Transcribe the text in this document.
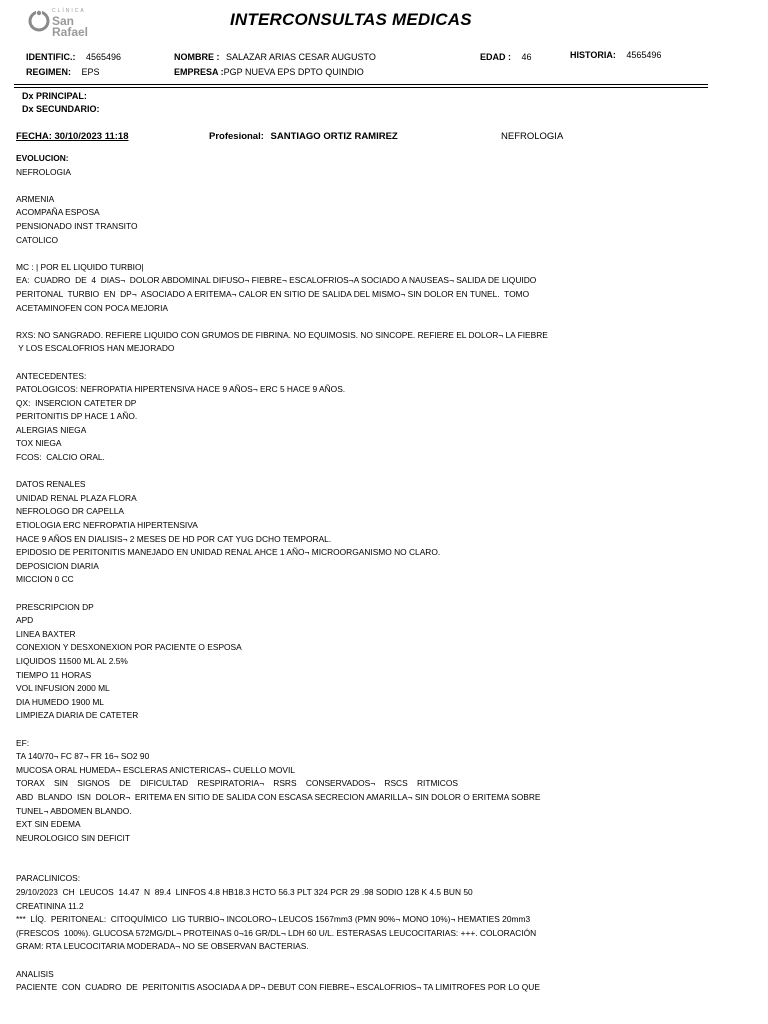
CLÍNICA
San
Rafael
INTERCONSULTAS MEDICAS
IDENTIFIC.: 4565496
REGIMEN: EPS
NOMBRE : SALAZAR ARIAS CESAR AUGUSTO
EMPRESA :PGP NUEVA EPS DPTO QUINDIO
EDAD : 46	HISTORIA: 4565496
Dx PRINCIPAL:
Dx SECUNDARIO:
FECHA: 30/10/2023 11:18	Profesional: SANTIAGO ORTIZ RAMIREZ	NEFROLOGIA
EVOLUCION:
NEFROLOGIA
ARMENIA
ACOMPAÑA ESPOSA
PENSIONADO INST TRANSITO
CATOLICO
MC : | POR EL LIQUIDO TURBIO|
EA:  CUADRO  DE  4  DIAS¬  DOLOR ABDOMINAL DIFUSO¬ FIEBRE¬ ESCALOFRIOS¬A SOCIADO A NAUSEAS¬ SALIDA DE LIQUIDO
PERITONAL  TURBIO  EN  DP¬  ASOCIADO A ERITEMA¬ CALOR EN SITIO DE SALIDA DEL MISMO¬ SIN DOLOR EN TUNEL.  TOMO
ACETAMINOFEN CON POCA MEJORIA
RXS: NO SANGRADO. REFIERE LIQUIDO CON GRUMOS DE FIBRINA. NO EQUIMOSIS. NO SINCOPE. REFIERE EL DOLOR¬ LA FIEBRE
Y LOS ESCALOFRIOS HAN MEJORADO
ANTECEDENTES:
PATOLOGICOS: NEFROPATIA HIPERTENSIVA HACE 9 AÑOS¬ ERC 5 HACE 9 AÑOS.
QX:  INSERCION CATETER DP
PERITONITIS DP HACE 1 AÑO.
ALERGIAS NIEGA
TOX NIEGA
FCOS:  CALCIO ORAL.
DATOS RENALES
UNIDAD RENAL PLAZA FLORA
NEFROLOGO DR CAPELLA
ETIOLOGIA ERC NEFROPATIA HIPERTENSIVA
HACE 9 AÑOS EN DIALISIS¬ 2 MESES DE HD POR CAT YUG DCHO TEMPORAL.
EPIDOSIO DE PERITONITIS MANEJADO EN UNIDAD RENAL AHCE 1 AÑO¬ MICROORGANISMO NO CLARO.
DEPOSICION DIARIA
MICCION 0 CC
PRESCRIPCION DP
APD
LINEA BAXTER
CONEXION Y DESXONEXION POR PACIENTE O ESPOSA
LIQUIDOS 11500 ML AL 2.5%
TIEMPO 11 HORAS
VOL INFUSION 2000 ML
DIA HUMEDO 1900 ML
LIMPIEZA DIARIA DE CATETER
EF:
TA 140/70¬ FC 87¬ FR 16¬ SO2 90
MUCOSA ORAL HUMEDA¬ ESCLERAS ANICTERICAS¬ CUELLO MOVIL
TORAX    SIN    SIGNOS    DE    DIFICULTAD    RESPIRATORIA¬    RSRS    CONSERVADOS¬    RSCS    RITMICOS
ABD  BLANDO  ISN  DOLOR¬  ERITEMA EN SITIO DE SALIDA CON ESCASA SECRECION AMARILLA¬ SIN DOLOR O ERITEMA SOBRE
TUNEL¬ ABDOMEN BLANDO.
EXT SIN EDEMA
NEUROLOGICO SIN DEFICIT
PARACLINICOS:
29/10/2023  CH  LEUCOS  14.47  N  89.4  LINFOS 4.8 HB18.3 HCTO 56.3 PLT 324 PCR 29 .98 SODIO 128 K 4.5 BUN 50
CREATININA 11.2
***  LÍQ.  PERITONEAL:  CITOQUÍMICO  LIG TURBIO¬ INCOLORO¬ LEUCOS 1567mm3 (PMN 90%¬ MONO 10%)¬ HEMATIES 20mm3
(FRESCOS  100%). GLUCOSA 572MG/DL¬ PROTEINAS 0¬16 GR/DL¬ LDH 60 U/L. ESTERASAS LEUCOCITARIAS: +++. COLORACIÓN
GRAM: RTA LEUCOCITARIA MODERADA¬ NO SE OBSERVAN BACTERIAS.
ANALISIS
PACIENTE  CON  CUADRO  DE  PERITONITIS ASOCIADA A DP¬ DEBUT CON FIEBRE¬ ESCALOFRIOS¬ TA LIMITROFES POR LO QUE
